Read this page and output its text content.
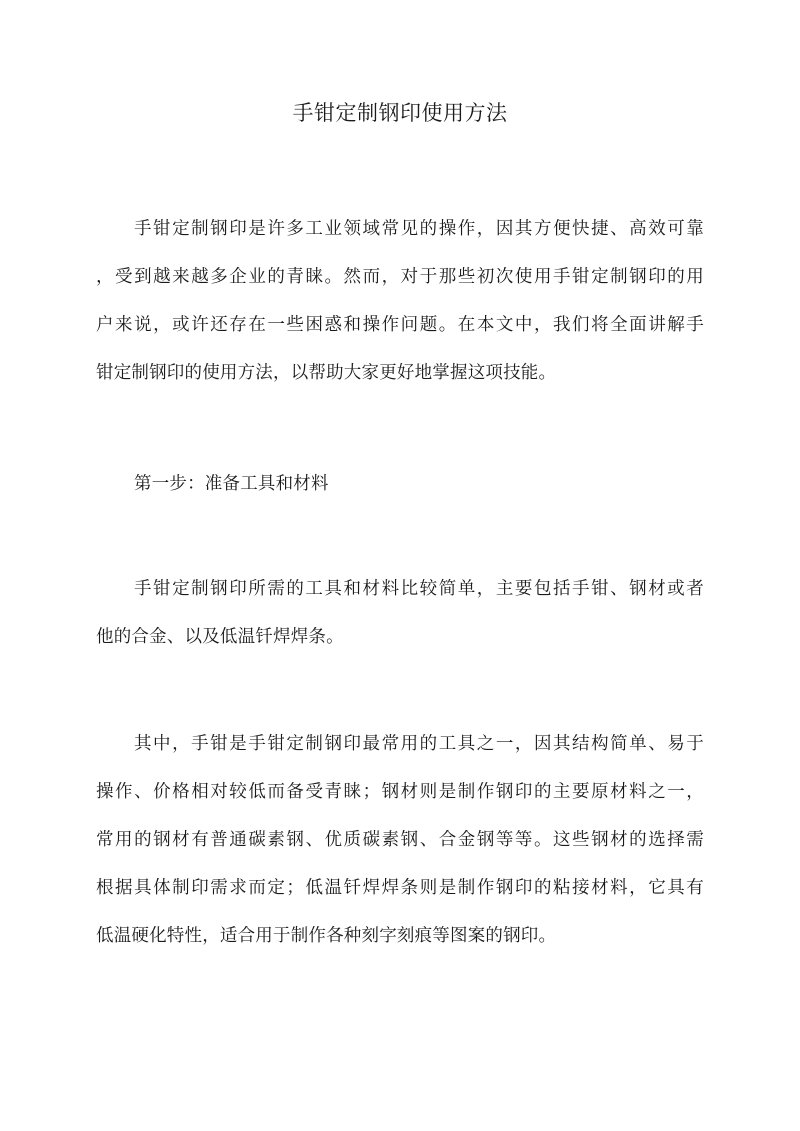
手钳定制钢印使用方法
手钳定制钢印是许多工业领域常见的操作，因其方便快捷、高效可靠
，受到越来越多企业的青睐。然而，对于那些初次使用手钳定制钢印的用
户来说，或许还存在一些困惑和操作问题。在本文中，我们将全面讲解手
钳定制钢印的使用方法，以帮助大家更好地掌握这项技能。
第一步：准备工具和材料
手钳定制钢印所需的工具和材料比较简单，主要包括手钳、钢材或者
他的合金、以及低温钎焊焊条。
其中，手钳是手钳定制钢印最常用的工具之一，因其结构简单、易于
操作、价格相对较低而备受青睐；钢材则是制作钢印的主要原材料之一，
常用的钢材有普通碳素钢、优质碳素钢、合金钢等等。这些钢材的选择需
根据具体制印需求而定；低温钎焊焊条则是制作钢印的粘接材料，它具有
低温硬化特性，适合用于制作各种刻字刻痕等图案的钢印。
